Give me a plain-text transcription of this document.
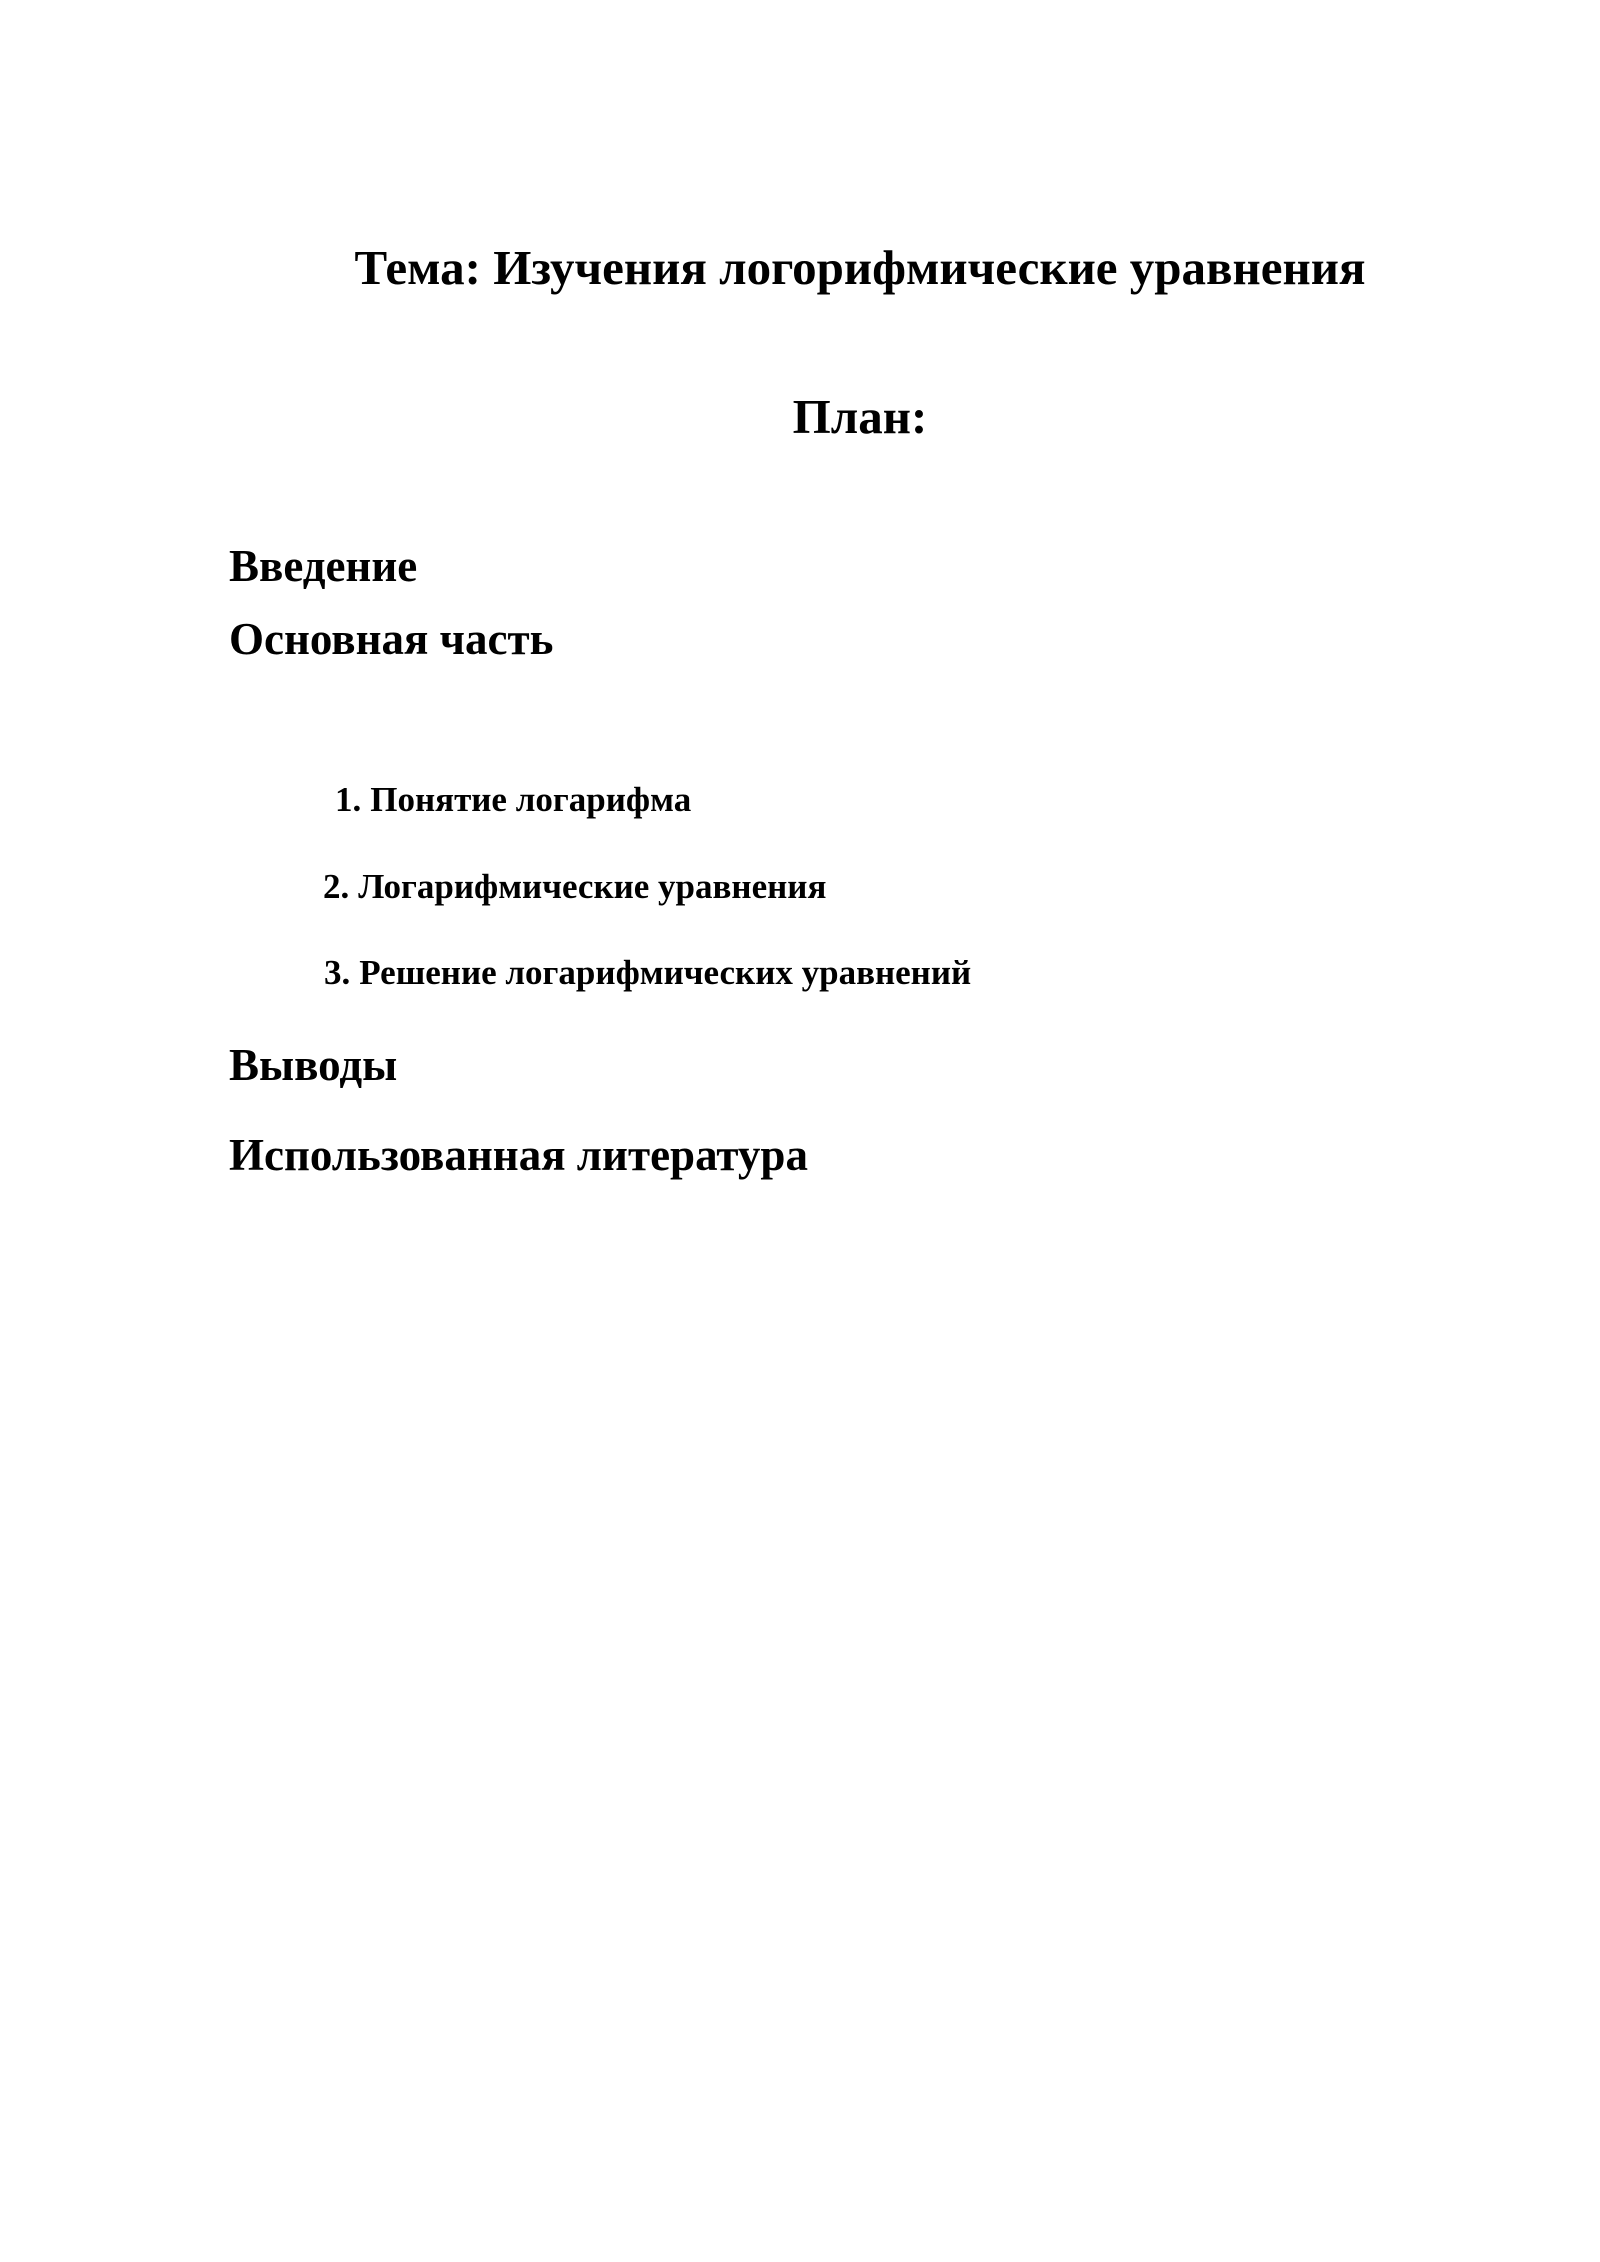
Тема: Изучения логорифмические уравнения
План:
Введение
Основная часть
1. Понятие логарифма
2. Логарифмические уравнения
3. Решение логарифмических уравнений
Выводы
Использованная литература
